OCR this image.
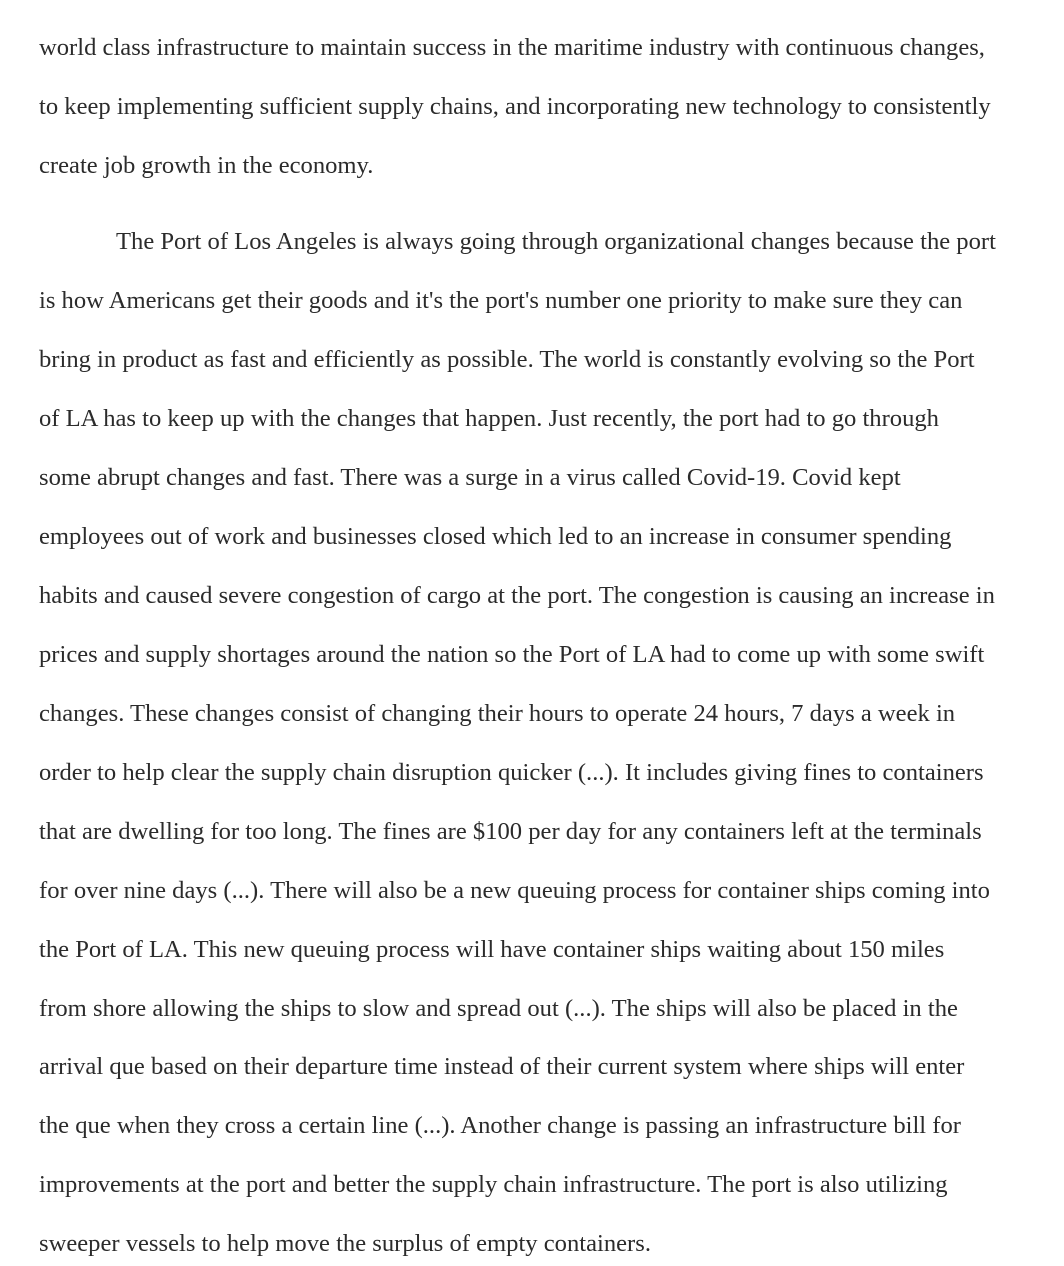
world class infrastructure to maintain success in the maritime industry with continuous changes,
to keep implementing sufficient supply chains, and incorporating new technology to consistently
create job growth in the economy.
The Port of Los Angeles is always going through organizational changes because the port
is how Americans get their goods and it's the port's number one priority to make sure they can
bring in product as fast and efficiently as possible. The world is constantly evolving so the Port
of LA has to keep up with the changes that happen. Just recently, the port had to go through
some abrupt changes and fast. There was a surge in a virus called Covid-19. Covid kept
employees out of work and businesses closed which led to an increase in consumer spending
habits and caused severe congestion of cargo at the port. The congestion is causing an increase in
prices and supply shortages around the nation so the Port of LA had to come up with some swift
changes. These changes consist of changing their hours to operate 24 hours, 7 days a week in
order to help clear the supply chain disruption quicker (...). It includes giving fines to containers
that are dwelling for too long. The fines are $100 per day for any containers left at the terminals
for over nine days (...). There will also be a new queuing process for container ships coming into
the Port of LA. This new queuing process will have container ships waiting about 150 miles
from shore allowing the ships to slow and spread out (...). The ships will also be placed in the
arrival que based on their departure time instead of their current system where ships will enter
the que when they cross a certain line (...). Another change is passing an infrastructure bill for
improvements at the port and better the supply chain infrastructure. The port is also utilizing
sweeper vessels to help move the surplus of empty containers.
